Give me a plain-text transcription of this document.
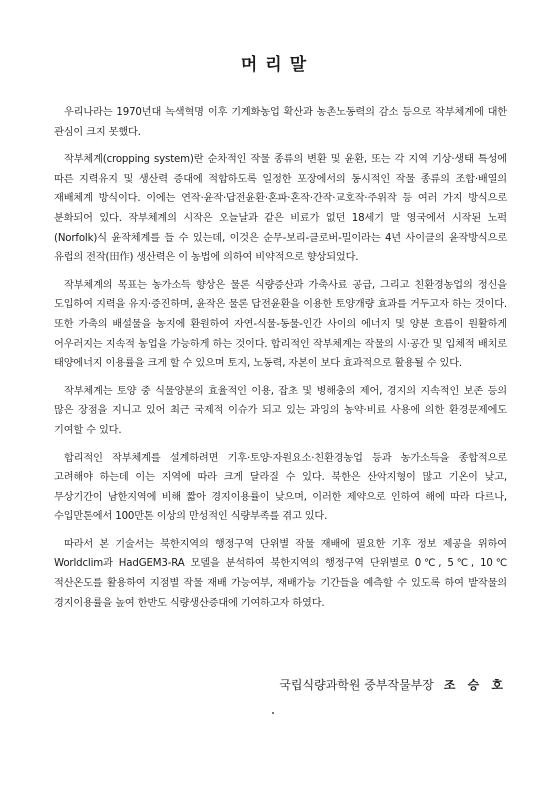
머리말

우리나라는 1970년대 녹색혁명 이후 기계화농업 확산과 농촌노동력의 감소 등으로 작부체계에 대한 관심이 크지 못했다.

작부체계(cropping system)란 순차적인 작물 종류의 변환 및 윤환, 또는 각 지역 기상·생태 특성에 따른 지력유지 및 생산력 증대에 적합하도록 일정한 포장에서의 동시적인 작물 종류의 조합·배열의 재배체계 방식이다. 이에는 연작·윤작·답전윤환·혼파·혼작·간작·교호작·주위작 등 여러 가지 방식으로 분화되어 있다. 작부체계의 시작은 오늘날과 같은 비료가 없던 18세기 말 영국에서 시작된 노퍽(Norfolk)식 윤작체계를 들 수 있는데, 이것은 순무-보리-클로버-밀이라는 4년 사이클의 윤작방식으로 유럽의 전작(田作) 생산력은 이 농법에 의하여 비약적으로 향상되었다.

작부체계의 목표는 농가소득 향상은 물론 식량증산과 가축사료 공급, 그리고 친환경농업의 정신을 도입하여 지력을 유지·증진하며, 윤작은 물론 답전윤환을 이용한 토양개량 효과를 거두고자 하는 것이다. 또한 가축의 배설물을 농지에 환원하여 자연-식물-동물-인간 사이의 에너지 및 양분 흐름이 원활하게 어우러지는 지속적 농업을 가능하게 하는 것이다. 합리적인 작부체계는 작물의 시·공간 및 입체적 배치로 태양에너지 이용률을 크게 할 수 있으며 토지, 노동력, 자본이 보다 효과적으로 활용될 수 있다.

작부체계는 토양 중 식물양분의 효율적인 이용, 잡초 및 병해충의 제어, 경지의 지속적인 보존 등의 많은 장점을 지니고 있어 최근 국제적 이슈가 되고 있는 과잉의 농약·비료 사용에 의한 환경문제에도 기여할 수 있다.

합리적인 작부체계를 설계하려면 기후·토양·자원요소·친환경농업 등과 농가소득을 종합적으로 고려해야 하는데 이는 지역에 따라 크게 달라질 수 있다. 북한은 산악지형이 많고 기온이 낮고, 무상기간이 남한지역에 비해 짧아 경지이용률이 낮으며, 이러한 제약으로 인하여 해에 따라 다르나, 수입만톤에서 100만톤 이상의 만성적인 식량부족를 겪고 있다.

따라서 본 기술서는 북한지역의 행정구역 단위별 작물 재배에 필요한 기후 정보 제공을 위하여 Worldclim과 HadGEM3-RA 모델을 분석하여 북한지역의 행정구역 단위별로 0℃, 5℃, 10℃ 적산온도를 활용하여 지점별 작물 재배 가능여부, 재배가능 기간들을 예측할 수 있도록 하여 밭작물의 경지이용률을 높여 한반도 식량생산증대에 기여하고자 하였다.

국립식량과학원 중부작물부장 조 승 호
